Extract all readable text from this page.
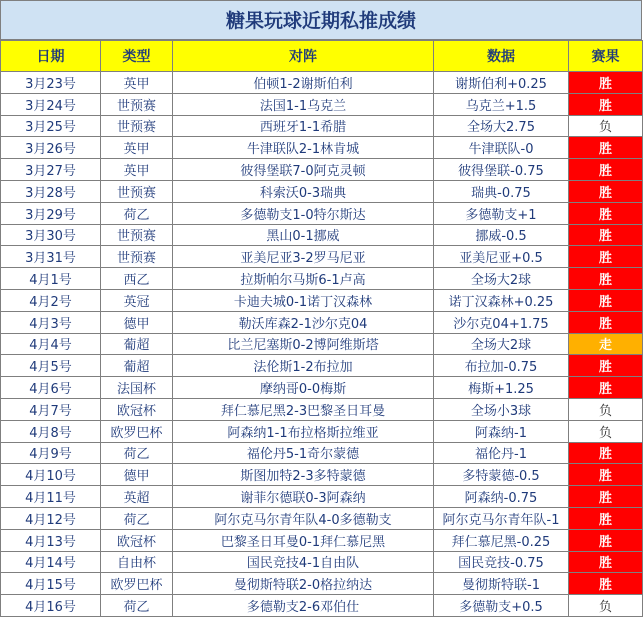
糖果玩球近期私推成绩
日期	类型	对阵	数据	赛果
3月23号	英甲	伯顿1-2谢斯伯利	谢斯伯利+0.25	胜
3月24号	世预赛	法国1-1乌克兰	乌克兰+1.5	胜
3月25号	世预赛	西班牙1-1希腊	全场大2.75	负
3月26号	英甲	牛津联队2-1林肯城	牛津联队-0	胜
3月27号	英甲	彼得堡联7-0阿克灵顿	彼得堡联-0.75	胜
3月28号	世预赛	科索沃0-3瑞典	瑞典-0.75	胜
3月29号	荷乙	多德勒支1-0特尔斯达	多德勒支+1	胜
3月30号	世预赛	黑山0-1挪威	挪威-0.5	胜
3月31号	世预赛	亚美尼亚3-2罗马尼亚	亚美尼亚+0.5	胜
4月1号	西乙	拉斯帕尔马斯6-1卢高	全场大2球	胜
4月2号	英冠	卡迪夫城0-1诺丁汉森林	诺丁汉森林+0.25	胜
4月3号	德甲	勒沃库森2-1沙尔克04	沙尔克04+1.75	胜
4月4号	葡超	比兰尼塞斯0-2博阿维斯塔	全场大2球	走
4月5号	葡超	法伦斯1-2布拉加	布拉加-0.75	胜
4月6号	法国杯	摩纳哥0-0梅斯	梅斯+1.25	胜
4月7号	欧冠杯	拜仁慕尼黑2-3巴黎圣日耳曼	全场小3球	负
4月8号	欧罗巴杯	阿森纳1-1布拉格斯拉维亚	阿森纳-1	负
4月9号	荷乙	福伦丹5-1奇尔蒙德	福伦丹-1	胜
4月10号	德甲	斯图加特2-3多特蒙德	多特蒙德-0.5	胜
4月11号	英超	谢菲尔德联0-3阿森纳	阿森纳-0.75	胜
4月12号	荷乙	阿尔克马尔青年队4-0多德勒支	阿尔克马尔青年队-1	胜
4月13号	欧冠杯	巴黎圣日耳曼0-1拜仁慕尼黑	拜仁慕尼黑-0.25	胜
4月14号	自由杯	国民竞技4-1自由队	国民竞技-0.75	胜
4月15号	欧罗巴杯	曼彻斯特联2-0格拉纳达	曼彻斯特联-1	胜
4月16号	荷乙	多德勒支2-6邓伯仕	多德勒支+0.5	负
